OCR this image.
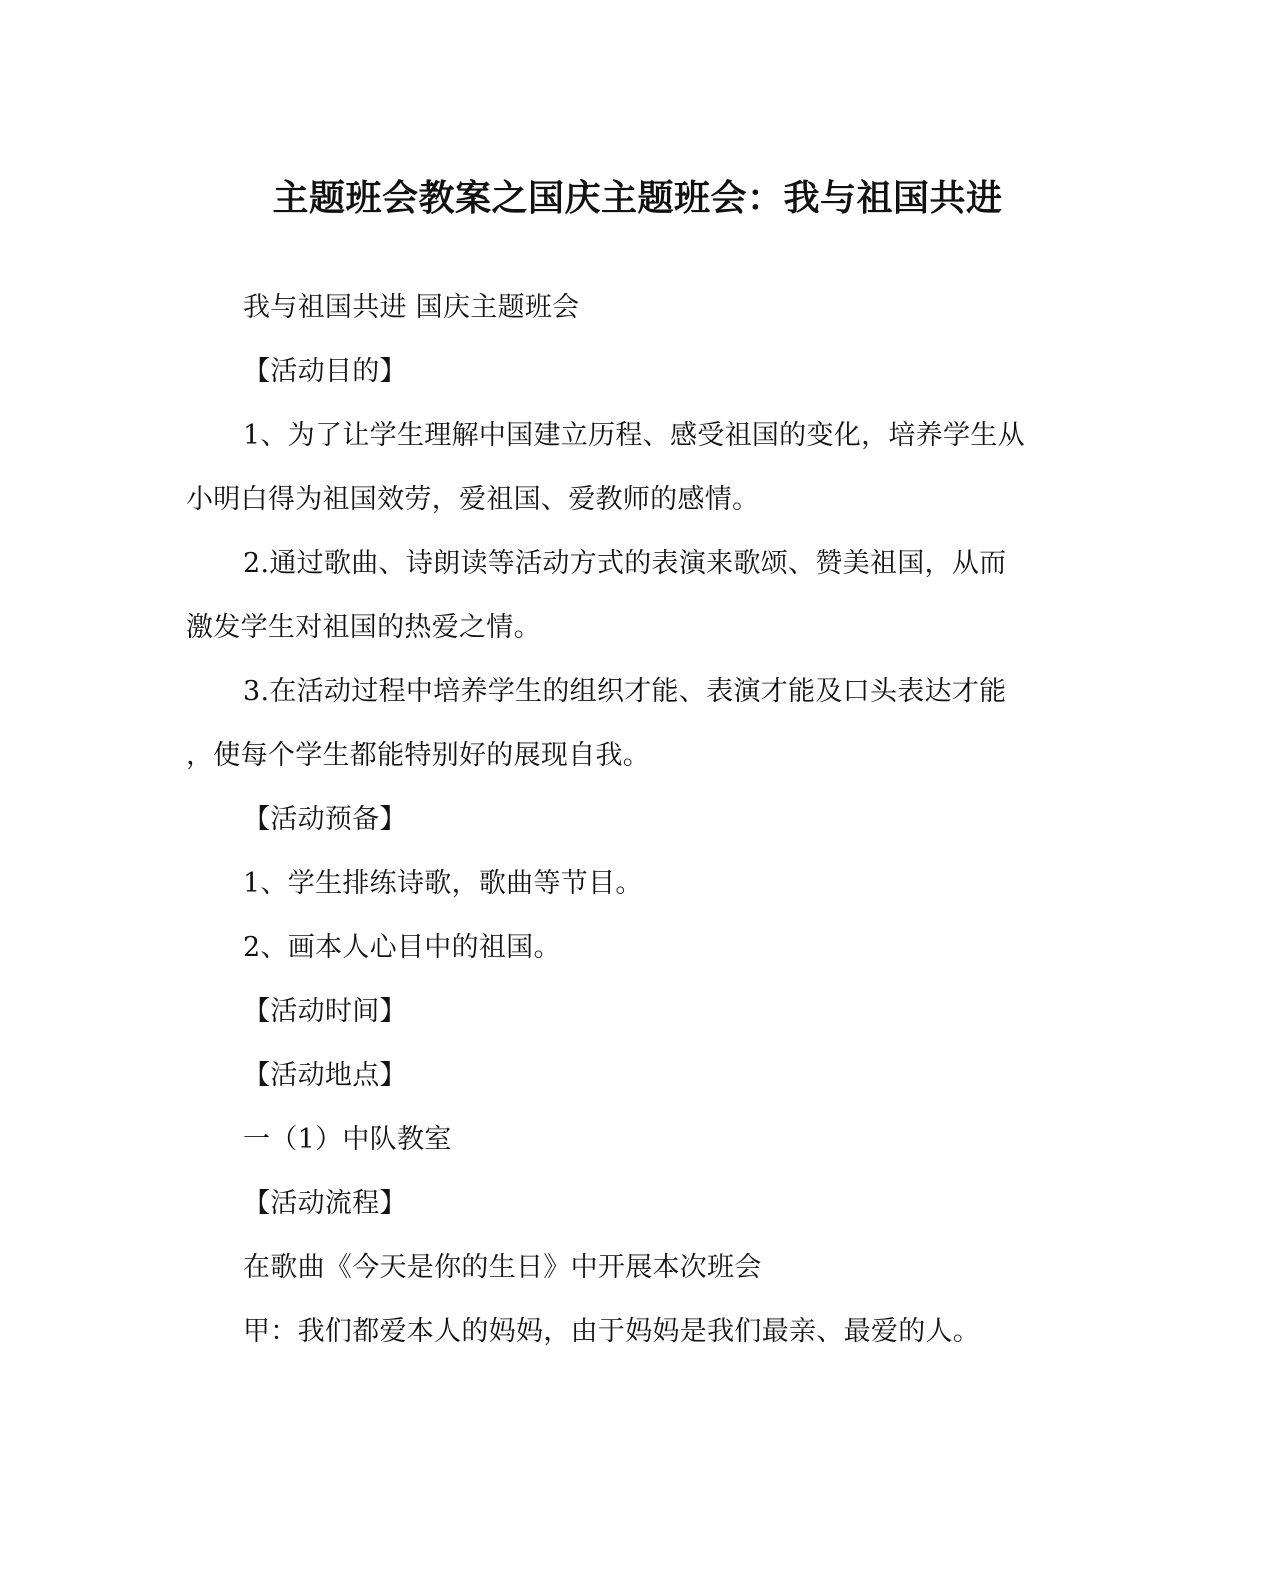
主题班会教案之国庆主题班会：我与祖国共进
我与祖国共进 国庆主题班会
【活动目的】
1、为了让学生理解中国建立历程、感受祖国的变化，培养学生从
小明白得为祖国效劳，爱祖国、爱教师的感情。
2.通过歌曲、诗朗读等活动方式的表演来歌颂、赞美祖国，从而
激发学生对祖国的热爱之情。
3.在活动过程中培养学生的组织才能、表演才能及口头表达才能
，使每个学生都能特别好的展现自我。
【活动预备】
1、学生排练诗歌，歌曲等节目。
2、画本人心目中的祖国。
【活动时间】
【活动地点】
一（1）中队教室
【活动流程】
在歌曲《今天是你的生日》中开展本次班会
甲：我们都爱本人的妈妈，由于妈妈是我们最亲、最爱的人。
